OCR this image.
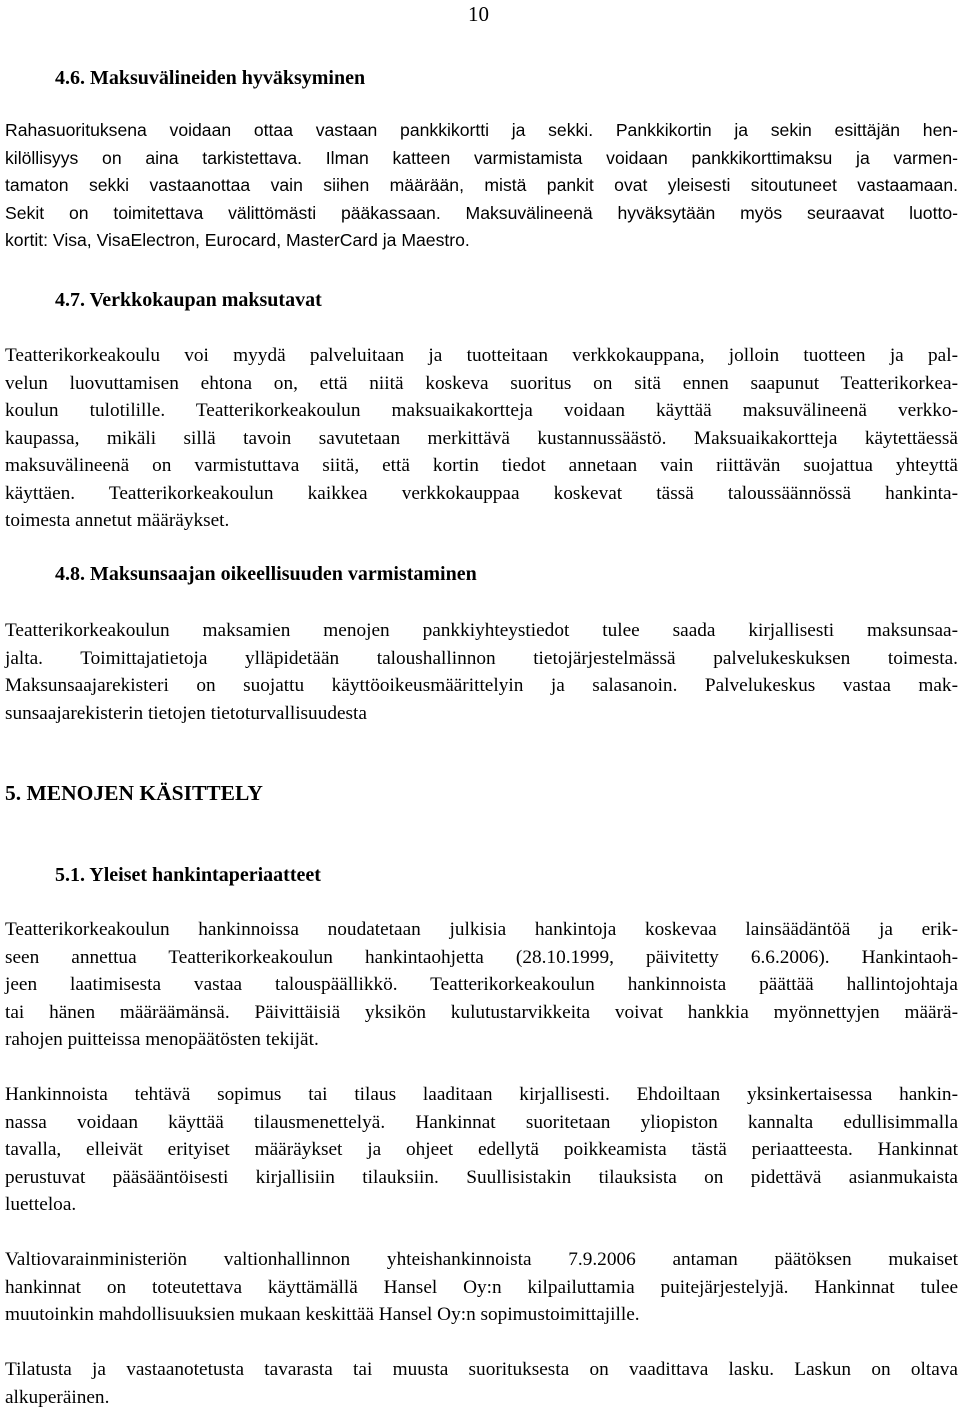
10
4.6. Maksuvälineiden hyväksyminen
Rahasuorituksena voidaan ottaa vastaan pankkikortti ja sekki. Pankkikortin ja sekin esittäjän hen-
kilöllisyys on aina tarkistettava. Ilman katteen varmistamista voidaan pankkikorttimaksu ja varmen-
tamaton sekki vastaanottaa vain siihen määrään, mistä pankit ovat yleisesti sitoutuneet vastaamaan.
Sekit on toimitettava välittömästi pääkassaan. Maksuvälineenä hyväksytään myös seuraavat luotto-
kortit: Visa, VisaElectron, Eurocard, MasterCard ja Maestro.
4.7. Verkkokaupan maksutavat
Teatterikorkeakoulu voi myydä palveluitaan ja tuotteitaan verkkokauppana, jolloin tuotteen ja pal-
velun luovuttamisen ehtona on, että niitä koskeva suoritus on sitä ennen saapunut Teatterikorkea-
koulun tulotilille. Teatterikorkeakoulun maksuaikakortteja voidaan käyttää maksuvälineenä verkko-
kaupassa, mikäli sillä tavoin savutetaan merkittävä kustannussäästö. Maksuaikakortteja käytettäessä
maksuvälineenä on varmistuttava siitä, että kortin tiedot annetaan vain riittävän suojattua yhteyttä
käyttäen. Teatterikorkeakoulun kaikkea verkkokauppaa koskevat tässä taloussäännössä hankinta-
toimesta annetut määräykset.
4.8. Maksunsaajan oikeellisuuden varmistaminen
Teatterikorkeakoulun maksamien menojen pankkiyhteystiedot tulee saada kirjallisesti maksunsaa-
jalta. Toimittajatietoja ylläpidetään taloushallinnon tietojärjestelmässä palvelukeskuksen toimesta.
Maksunsaajarekisteri on suojattu käyttöoikeusmäärittelyin ja salasanoin. Palvelukeskus vastaa mak-
sunsaajarekisterin tietojen tietoturvallisuudesta
5. MENOJEN KÄSITTELY
5.1. Yleiset hankintaperiaatteet
Teatterikorkeakoulun hankinnoissa noudatetaan julkisia hankintoja koskevaa lainsäädäntöä ja erik-
seen annettua Teatterikorkeakoulun hankintaohjetta (28.10.1999, päivitetty 6.6.2006). Hankintaoh-
jeen laatimisesta vastaa talouspäällikkö. Teatterikorkeakoulun hankinnoista päättää hallintojohtaja
tai hänen määräämänsä. Päivittäisiä yksikön kulutustarvikkeita voivat hankkia myönnettyjen määrä-
rahojen puitteissa menopäätösten tekijät.
Hankinnoista tehtävä sopimus tai tilaus laaditaan kirjallisesti. Ehdoiltaan yksinkertaisessa hankin-
nassa voidaan käyttää tilausmenettelyä. Hankinnat suoritetaan yliopiston kannalta edullisimmalla
tavalla, elleivät erityiset määräykset ja ohjeet edellytä poikkeamista tästä periaatteesta. Hankinnat
perustuvat pääsääntöisesti kirjallisiin tilauksiin. Suullisistakin tilauksista on pidettävä asianmukaista
luetteloa.
Valtiovarainministeriön valtionhallinnon yhteishankinnoista 7.9.2006 antaman päätöksen mukaiset
hankinnat on toteutettava käyttämällä Hansel Oy:n kilpailuttamia puitejärjestelyjä. Hankinnat tulee
muutoinkin mahdollisuuksien mukaan keskittää Hansel Oy:n sopimustoimittajille.
Tilatusta ja vastaanotetusta tavarasta tai muusta suorituksesta on vaadittava lasku. Laskun on oltava
alkuperäinen.
